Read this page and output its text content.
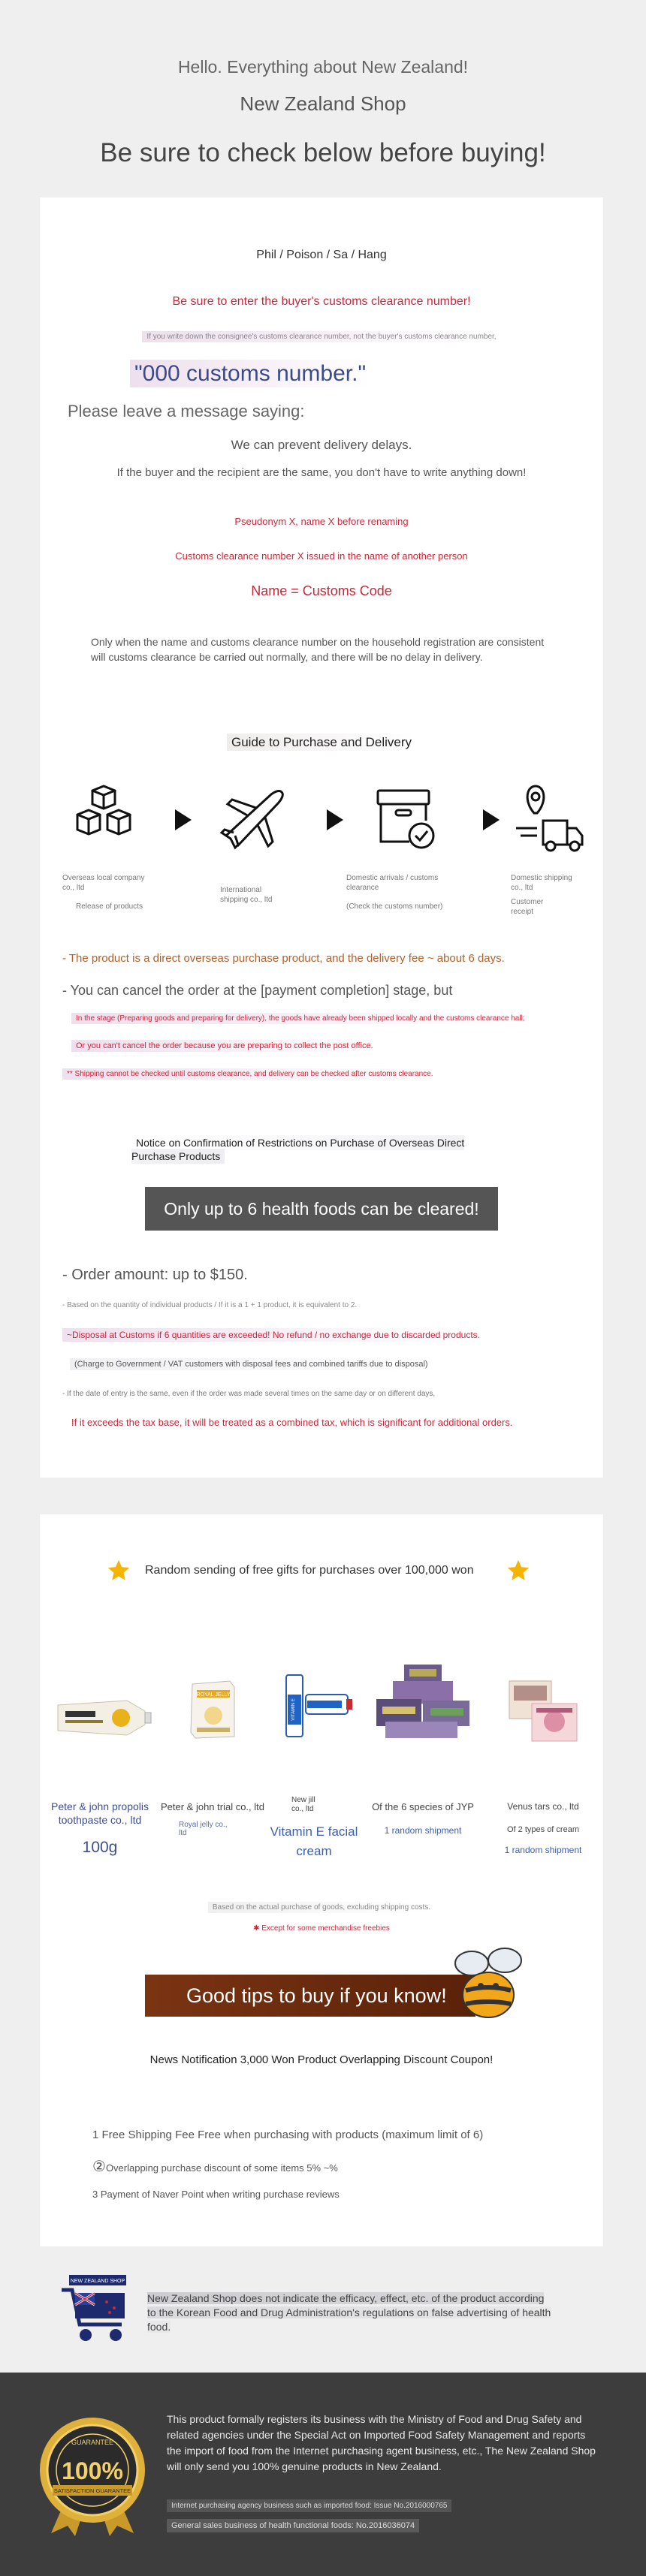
Hello. Everything about New Zealand!
New Zealand Shop
Be sure to check below before buying!
Phil / Poison / Sa / Hang
Be sure to enter the buyer's customs clearance number!
If you write down the consignee's customs clearance number, not the buyer's customs clearance number,
"000 customs number."
Please leave a message saying:
We can prevent delivery delays.
If the buyer and the recipient are the same, you don't have to write anything down!
Pseudonym X, name X before renaming
Customs clearance number X issued in the name of another person
Name = Customs Code
Only when the name and customs clearance number on the household registration are consistent will customs clearance be carried out normally, and there will be no delay in delivery.
Guide to Purchase and Delivery
Overseas local company co., ltd
Release of products
International shipping co., ltd
Domestic arrivals / customs clearance
(Check the customs number)
Domestic shipping co., ltd
Customer receipt
- The product is a direct overseas purchase product, and the delivery fee ~ about 6 days.
- You can cancel the order at the [payment completion] stage, but
In the stage (Preparing goods and preparing for delivery), the goods have already been shipped locally and the customs clearance hall;
Or you can't cancel the order because you are preparing to collect the post office.
** Shipping cannot be checked until customs clearance, and delivery can be checked after customs clearance.
Notice on Confirmation of Restrictions on Purchase of Overseas Direct Purchase Products
Only up to 6 health foods can be cleared!
- Order amount: up to $150.
- Based on the quantity of individual products / If it is a 1 + 1 product, it is equivalent to 2.
~Disposal at Customs if 6 quantities are exceeded! No refund / no exchange due to discarded products.
(Charge to Government / VAT customers with disposal fees and combined tariffs due to disposal)
- If the date of entry is the same, even if the order was made several times on the same day or on different days,
If it exceeds the tax base, it will be treated as a combined tax, which is significant for additional orders.
Random sending of free gifts for purchases over 100,000 won
ROYAL JELLY
VITAMIN E
Peter & john propolis toothpaste co., ltd
100g
Peter & john trial co., ltd
Royal jelly co., ltd
New jill co., ltd
Vitamin E facial cream
Of the 6 species of JYP
1 random shipment
Venus tars co., ltd
Of 2 types of cream
1 random shipment
Based on the actual purchase of goods, excluding shipping costs.
✱ Except for some merchandise freebies
Good tips to buy if you know!
News Notification 3,000 Won Product Overlapping Discount Coupon!
1 Free Shipping Fee Free when purchasing with products (maximum limit of 6)
②Overlapping purchase discount of some items 5% ~%
3 Payment of Naver Point when writing purchase reviews
NEW ZEALAND SHOP
New Zealand Shop does not indicate the efficacy, effect, etc. of the product according to the Korean Food and Drug Administration's regulations on false advertising of health food.
GUARANTEE
100%
SATISFACTION GUARANTEE
This product formally registers its business with the Ministry of Food and Drug Safety and related agencies under the Special Act on Imported Food Safety Management and reports the import of food from the Internet purchasing agent business, etc., The New Zealand Shop will only send you 100% genuine products in New Zealand.
Internet purchasing agency business such as imported food: Issue No.2016000765
General sales business of health functional foods: No.2016036074
